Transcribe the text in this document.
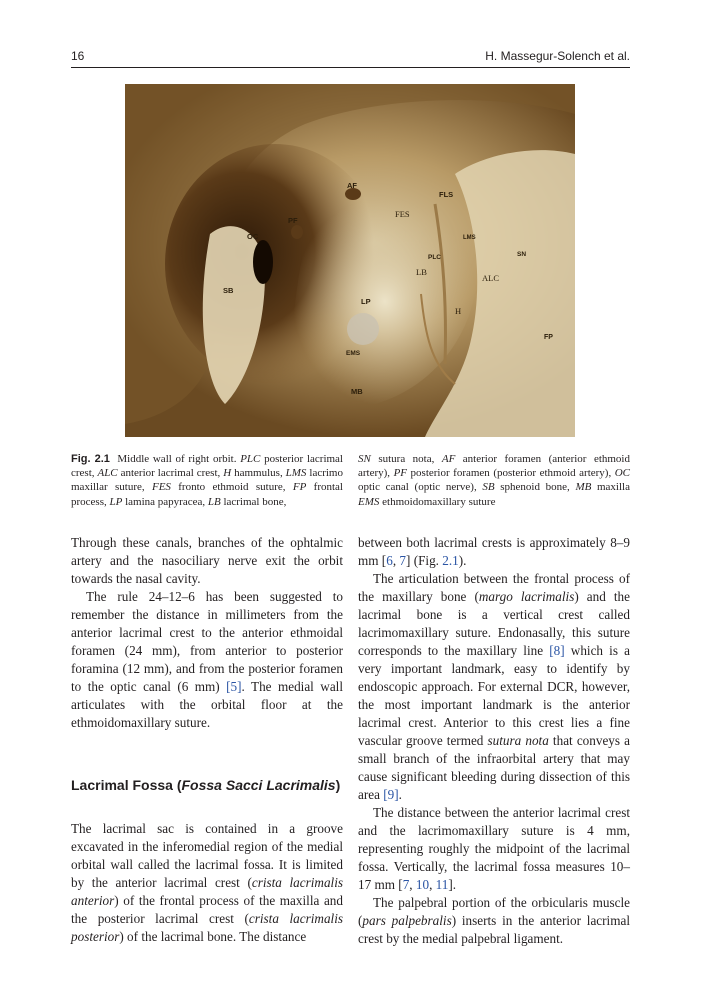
16	H. Massegur-Solench et al.
AF
FLS
FES
PF
OC	LMS
SN
PLC
LB
ALC
SB
LP
H
FP
EMS
MB
Fig. 2.1 Middle wall of right orbit. PLC posterior lacrimal crest, ALC anterior lacrimal crest, H hammulus, LMS lacrimo maxillar suture, FES fronto ethmoid suture, FP frontal process, LP lamina papyracea, LB lacrimal bone,
SN sutura nota, AF anterior foramen (anterior ethmoid artery), PF posterior foramen (posterior ethmoid artery), OC optic canal (optic nerve), SB sphenoid bone, MB maxilla EMS ethmoidomaxillary suture

Through these canals, branches of the ophtalmic artery and the nasociliary nerve exit the orbit towards the nasal cavity.

The rule 24–12–6 has been suggested to remember the distance in millimeters from the anterior lacrimal crest to the anterior ethmoidal foramen (24 mm), from anterior to posterior foramina (12 mm), and from the posterior foramen to the optic canal (6 mm) [5]. The medial wall articulates with the orbital floor at the ethmoidomaxillary suture.

Lacrimal Fossa (Fossa Sacci Lacrimalis)

The lacrimal sac is contained in a groove excavated in the inferomedial region of the medial orbital wall called the lacrimal fossa. It is limited by the anterior lacrimal crest (crista lacrimalis anterior) of the frontal process of the maxilla and the posterior lacrimal crest (crista lacrimalis posterior) of the lacrimal bone. The distance

between both lacrimal crests is approximately 8–9 mm [6, 7] (Fig. 2.1).

The articulation between the frontal process of the maxillary bone (margo lacrimalis) and the lacrimal bone is a vertical crest called lacrimomaxillary suture. Endonasally, this suture corresponds to the maxillary line [8] which is a very important landmark, easy to identify by endoscopic approach. For external DCR, however, the most important landmark is the anterior lacrimal crest. Anterior to this crest lies a fine vascular groove termed sutura nota that conveys a small branch of the infraorbital artery that may cause significant bleeding during dissection of this area [9].

The distance between the anterior lacrimal crest and the lacrimomaxillary suture is 4 mm, representing roughly the midpoint of the lacrimal fossa. Vertically, the lacrimal fossa measures 10–17 mm [7, 10, 11].

The palpebral portion of the orbicularis muscle (pars palpebralis) inserts in the anterior lacrimal crest by the medial palpebral ligament.
